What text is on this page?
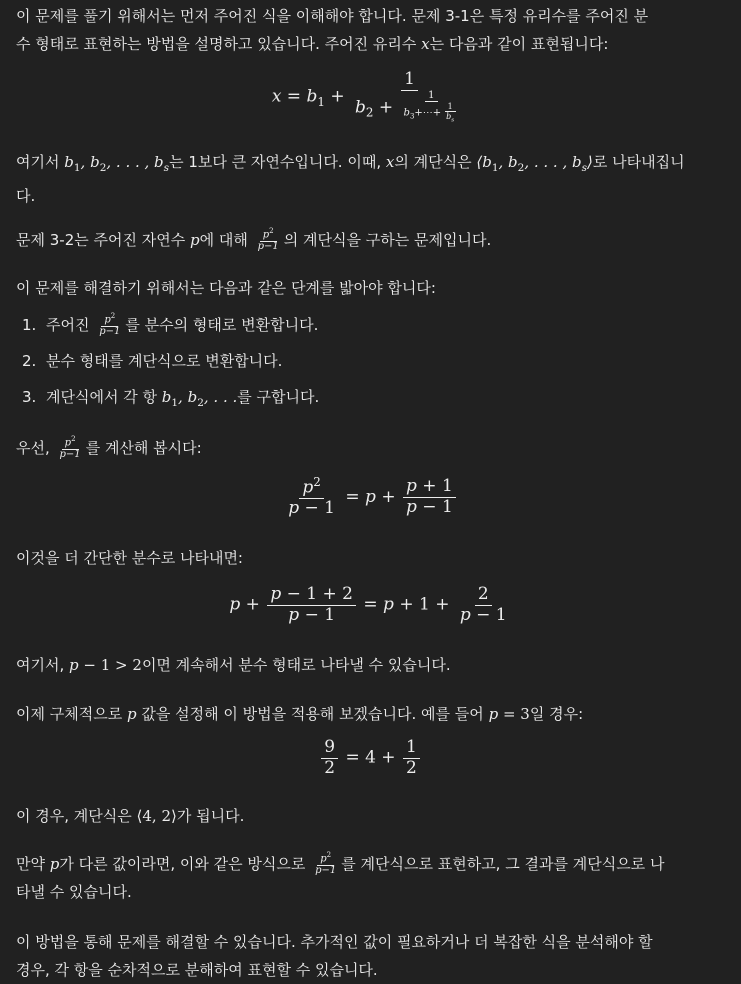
이 문제를 풀기 위해서는 먼저 주어진 식을 이해해야 합니다. 문제 3-1은 특정 유리수를 주어진 분
수 형태로 표현하는 방법을 설명하고 있습니다. 주어진 유리수 x는 다음과 같이 표현됩니다:

$x = b_1 + \frac{1}{b_2 + \frac{1}{b_3+\cdots+ \frac{1}{b_s}}}$

여기서 $b_1$, $b_2$, . . . , $b_s$는 1보다 큰 자연수입니다. 이때, x의 계단식은 $⟨b_1$, $b_2$, . . . , $b_s⟩$로 나타내집니
다.

문제 3-2는 주어진 자연수 p에 대해 $\frac{p^2}{p-1}$ 의 계단식을 구하는 문제입니다.

이 문제를 해결하기 위해서는 다음과 같은 단계를 밟아야 합니다:

1. 주어진 $\frac{p^2}{p-1}$ 를 분수의 형태로 변환합니다.
2. 분수 형태를 계단식으로 변환합니다.
3. 계단식에서 각 항 $b_1$, $b_2$, . . .를 구합니다.

우선, $\frac{p^2}{p-1}$ 를 계산해 봅시다:

$\frac{p^2}{p - 1} = p + \frac{p + 1}{p - 1}$

이것을 더 간단한 분수로 나타내면:

$p + \frac{p - 1 + 2}{p - 1} = p + 1 + \frac{2}{p - 1}$

여기서, p − 1 > 2이면 계속해서 분수 형태로 나타낼 수 있습니다.

이제 구체적으로 p 값을 설정해 이 방법을 적용해 보겠습니다. 예를 들어 p = 3일 경우:

$\frac{9}{2} = 4 + \frac{1}{2}$

이 경우, 계단식은 ⟨4, 2⟩가 됩니다.

만약 p가 다른 값이라면, 이와 같은 방식으로 $\frac{p^2}{p-1}$ 를 계단식으로 표현하고, 그 결과를 계단식으로 나
타낼 수 있습니다.

이 방법을 통해 문제를 해결할 수 있습니다. 추가적인 값이 필요하거나 더 복잡한 식을 분석해야 할
경우, 각 항을 순차적으로 분해하여 표현할 수 있습니다.
